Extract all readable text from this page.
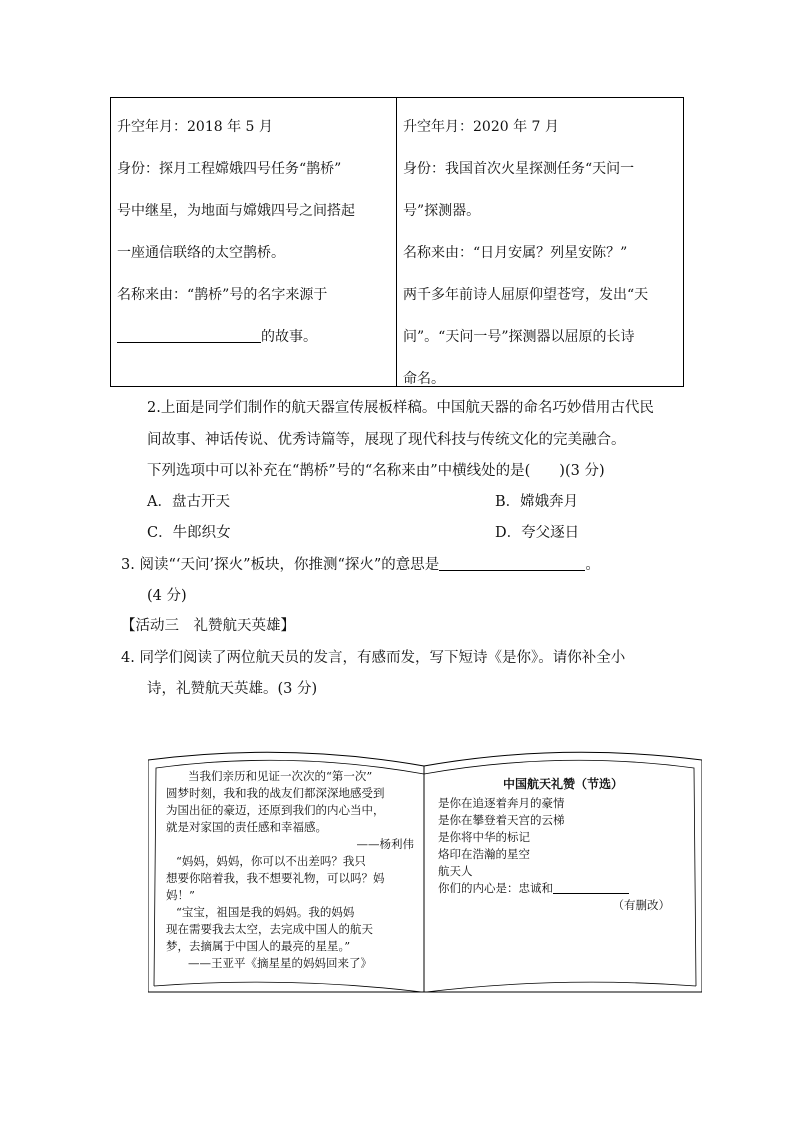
升空年月：2018 年 5 月
身份：探月工程嫦娥四号任务“鹊桥”
号中继星，为地面与嫦娥四号之间搭起
一座通信联络的太空鹊桥。
名称来由：“鹊桥”号的名字来源于
的故事。
升空年月：2020 年 7 月
身份：我国首次火星探测任务“天问一
号”探测器。
名称来由：“日月安属？列星安陈？”
两千多年前诗人屈原仰望苍穹，发出“天
问”。“天问一号”探测器以屈原的长诗
命名。
2.上面是同学们制作的航天器宣传展板样稿。中国航天器的命名巧妙借用古代民
间故事、神话传说、优秀诗篇等，展现了现代科技与传统文化的完美融合。
下列选项中可以补充在“鹊桥”号的“名称来由”中横线处的是(　　)(3 分)
A．盘古开天	B．嫦娥奔月
C．牛郎织女	D．夸父逐日
3. 阅读“‘天问’探火”板块，你推测“探火”的意思是	。
(4 分)
【活动三　礼赞航天英雄】
4. 同学们阅读了两位航天员的发言，有感而发，写下短诗《是你》。请你补全小
诗，礼赞航天英雄。(3 分)
当我们亲历和见证一次次的“第一次”
圆梦时刻，我和我的战友们都深深地感受到
为国出征的豪迈，还原到我们的内心当中，
就是对家国的责任感和幸福感。
——杨利伟
“妈妈，妈妈，你可以不出差吗？我只
想要你陪着我，我不想要礼物，可以吗？妈
妈！”
“宝宝，祖国是我的妈妈。我的妈妈
现在需要我去太空，去完成中国人的航天
梦，去摘属于中国人的最亮的星星。”
——王亚平《摘星星的妈妈回来了》
中国航天礼赞（节选）
是你在追逐着奔月的豪情
是你在攀登着天宫的云梯
是你将中华的标记
烙印在浩瀚的星空
航天人
你们的内心是：忠诚和
（有删改）
